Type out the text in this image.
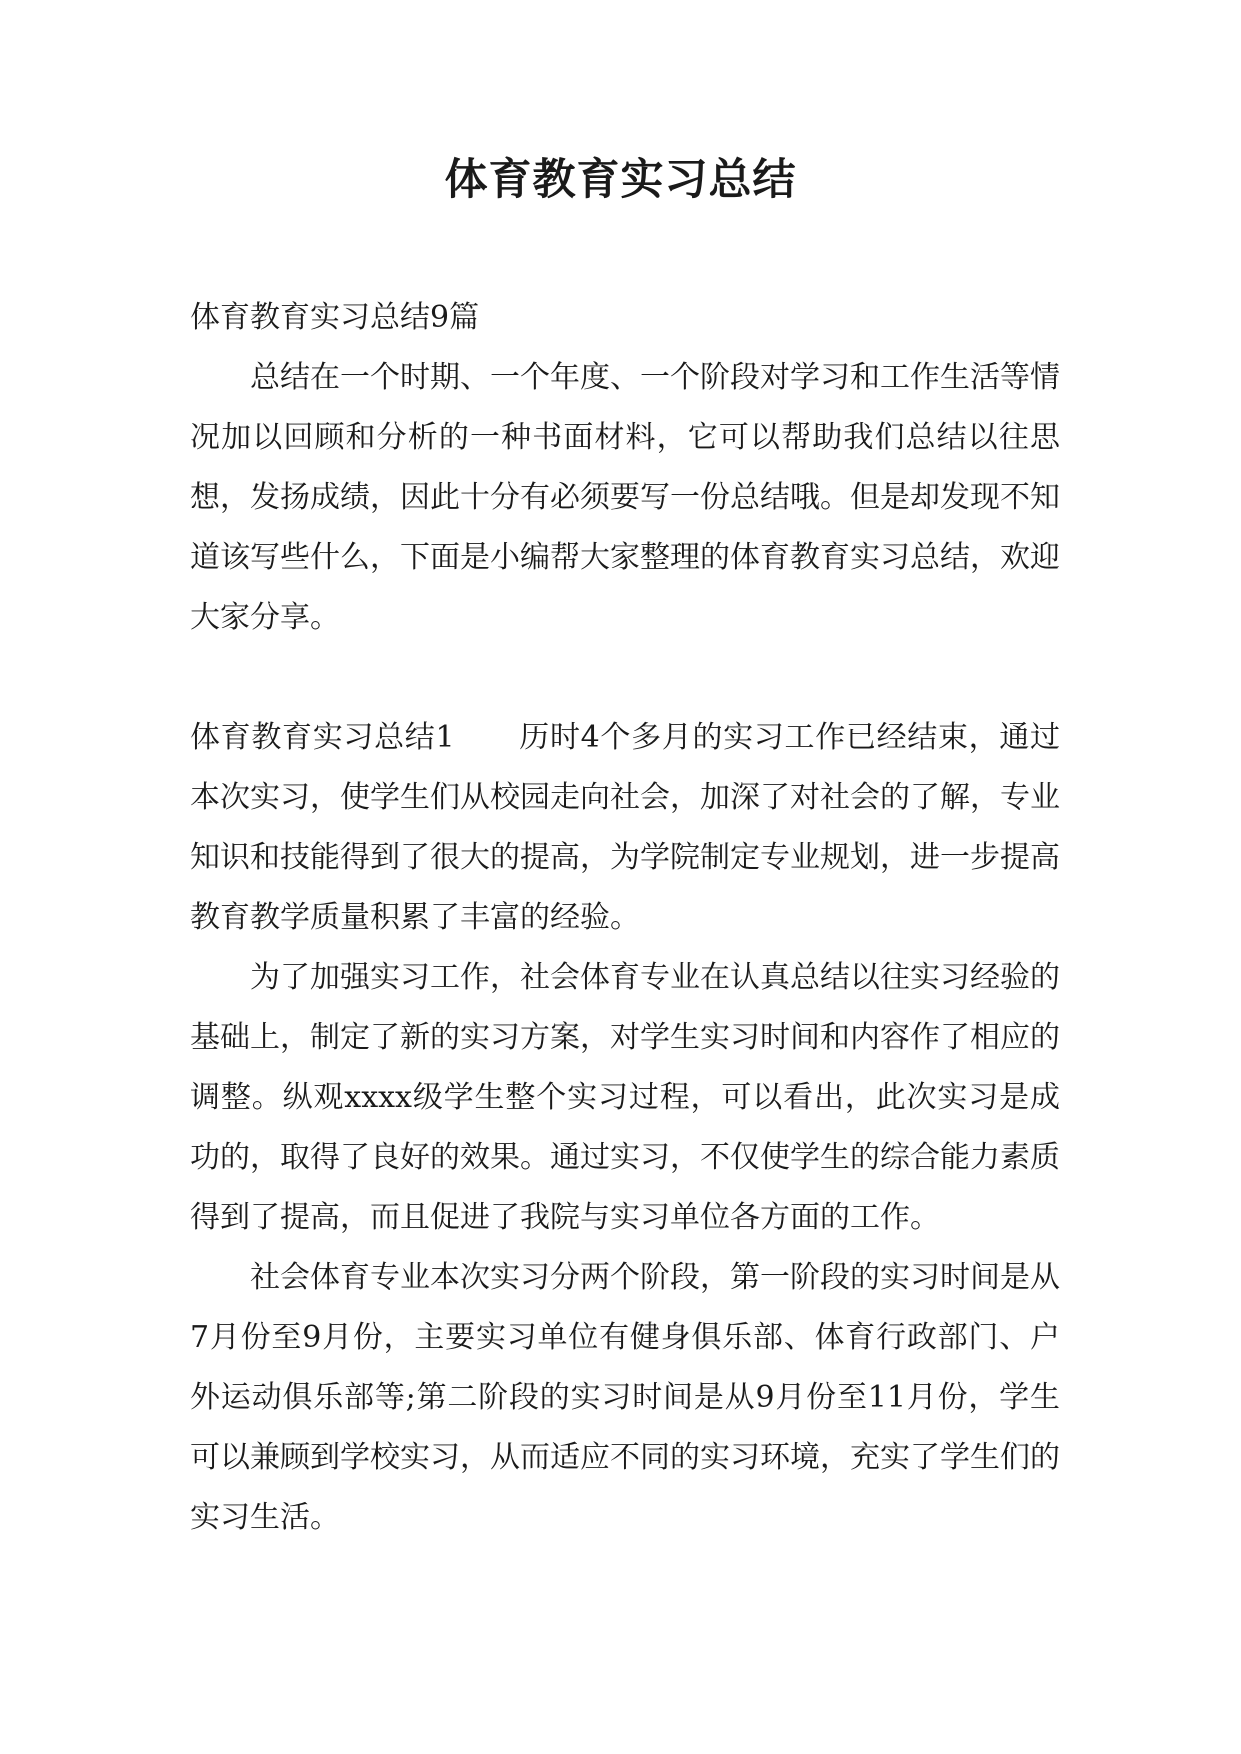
体育教育实习总结

体育教育实习总结9篇

总结在一个时期、一个年度、一个阶段对学习和工作生活等情况加以回顾和分析的一种书面材料，它可以帮助我们总结以往思想，发扬成绩，因此十分有必须要写一份总结哦。但是却发现不知道该写些什么，下面是小编帮大家整理的体育教育实习总结，欢迎大家分享。

体育教育实习总结1 历时4个多月的实习工作已经结束，通过本次实习，使学生们从校园走向社会，加深了对社会的了解，专业知识和技能得到了很大的提高，为学院制定专业规划，进一步提高教育教学质量积累了丰富的经验。

为了加强实习工作，社会体育专业在认真总结以往实习经验的基础上，制定了新的实习方案，对学生实习时间和内容作了相应的调整。纵观xxxx级学生整个实习过程，可以看出，此次实习是成功的，取得了良好的效果。通过实习，不仅使学生的综合能力素质得到了提高，而且促进了我院与实习单位各方面的工作。

社会体育专业本次实习分两个阶段，第一阶段的实习时间是从7月份至9月份，主要实习单位有健身俱乐部、体育行政部门、户外运动俱乐部等;第二阶段的实习时间是从9月份至11月份，学生可以兼顾到学校实习，从而适应不同的实习环境，充实了学生们的实习生活。
